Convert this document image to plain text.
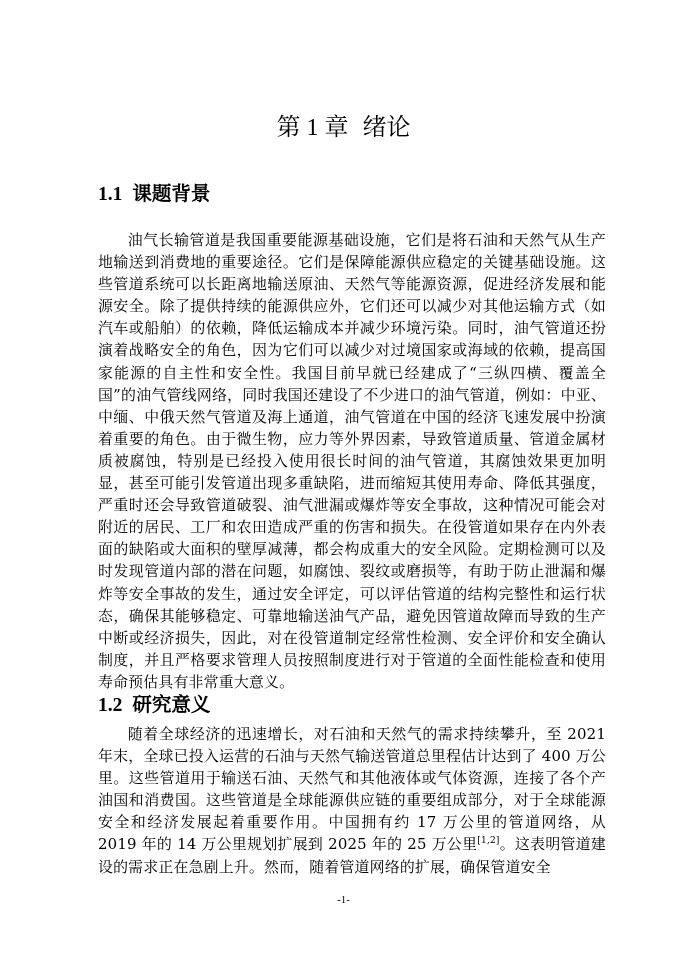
第 1 章 绪论
1.1 课题背景

油气长输管道是我国重要能源基础设施，它们是将石油和天然气从生产地输送到消费地的重要途径。它们是保障能源供应稳定的关键基础设施。这些管道系统可以长距离地输送原油、天然气等能源资源，促进经济发展和能源安全。除了提供持续的能源供应外，它们还可以减少对其他运输方式（如汽车或船舶）的依赖，降低运输成本并减少环境污染。同时，油气管道还扮演着战略安全的角色，因为它们可以减少对过境国家或海域的依赖，提高国家能源的自主性和安全性。我国目前早就已经建成了“三纵四横、覆盖全国”的油气管线网络，同时我国还建设了不少进口的油气管道，例如：中亚、中缅、中俄天然气管道及海上通道，油气管道在中国的经济飞速发展中扮演着重要的角色。由于微生物，应力等外界因素，导致管道质量、管道金属材质被腐蚀，特别是已经投入使用很长时间的油气管道，其腐蚀效果更加明显，甚至可能引发管道出现多重缺陷，进而缩短其使用寿命、降低其强度，严重时还会导致管道破裂、油气泄漏或爆炸等安全事故，这种情况可能会对附近的居民、工厂和农田造成严重的伤害和损失。在役管道如果存在内外表面的缺陷或大面积的壁厚减薄，都会构成重大的安全风险。定期检测可以及时发现管道内部的潜在问题，如腐蚀、裂纹或磨损等，有助于防止泄漏和爆炸等安全事故的发生，通过安全评定，可以评估管道的结构完整性和运行状态，确保其能够稳定、可靠地输送油气产品，避免因管道故障而导致的生产中断或经济损失，因此，对在役管道制定经常性检测、安全评价和安全确认制度，并且严格要求管理人员按照制度进行对于管道的全面性能检查和使用寿命预估具有非常重大意义。

1.2 研究意义

随着全球经济的迅速增长，对石油和天然气的需求持续攀升，至 2021 年末，全球已投入运营的石油与天然气输送管道总里程估计达到了 400 万公里。这些管道用于输送石油、天然气和其他液体或气体资源，连接了各个产油国和消费国。这些管道是全球能源供应链的重要组成部分，对于全球能源安全和经济发展起着重要作用。中国拥有约 17 万公里的管道网络，从 2019 年的 14 万公里规划扩展到 2025 年的 25 万公里[1,2]。这表明管道建设的需求正在急剧上升。然而，随着管道网络的扩展，确保管道安全

-1-
